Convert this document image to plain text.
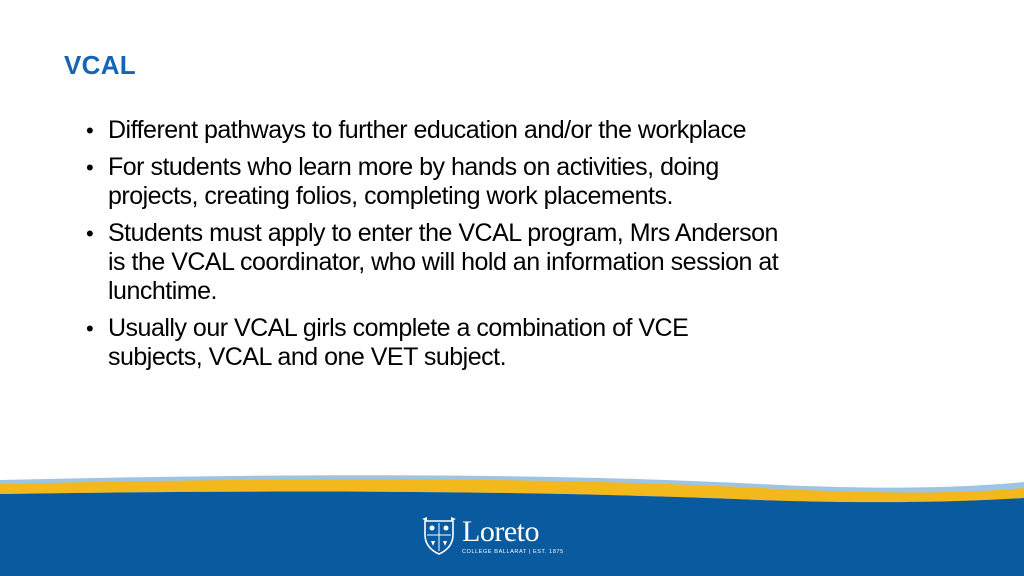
VCAL
• Different pathways to further education and/or the workplace
• For students who learn more by hands on activities, doing projects, creating folios, completing work placements.
• Students must apply to enter the VCAL program, Mrs Anderson is the VCAL coordinator, who will hold an information session at lunchtime.
• Usually our VCAL girls complete a combination of VCE subjects, VCAL and one VET subject.
Loreto
COLLEGE BALLARAT | EST. 1875
